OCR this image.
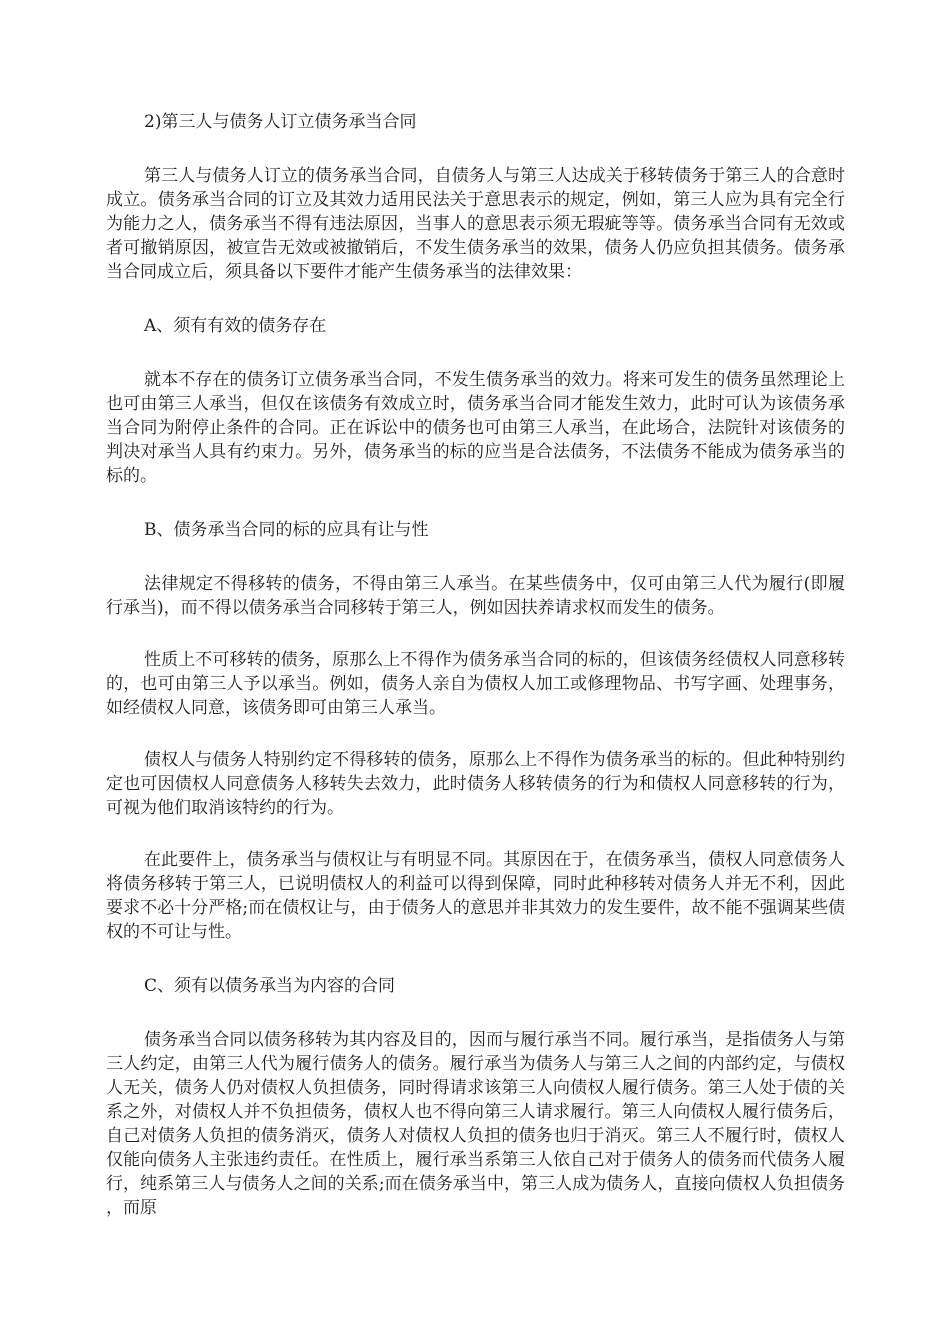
2)第三人与债务人订立债务承当合同

第三人与债务人订立的债务承当合同，自债务人与第三人达成关于移转债务于第三人的合意时成立。债务承当合同的订立及其效力适用民法关于意思表示的规定，例如，第三人应为具有完全行为能力之人，债务承当不得有违法原因，当事人的意思表示须无瑕疵等等。债务承当合同有无效或者可撤销原因，被宣告无效或被撤销后，不发生债务承当的效果，债务人仍应负担其债务。债务承当合同成立后，须具备以下要件才能产生债务承当的法律效果：

A、须有有效的债务存在

就本不存在的债务订立债务承当合同，不发生债务承当的效力。将来可发生的债务虽然理论上也可由第三人承当，但仅在该债务有效成立时，债务承当合同才能发生效力，此时可认为该债务承当合同为附停止条件的合同。正在诉讼中的债务也可由第三人承当，在此场合，法院针对该债务的判决对承当人具有约束力。另外，债务承当的标的应当是合法债务，不法债务不能成为债务承当的标的。

B、债务承当合同的标的应具有让与性

法律规定不得移转的债务，不得由第三人承当。在某些债务中，仅可由第三人代为履行(即履行承当)，而不得以债务承当合同移转于第三人，例如因扶养请求权而发生的债务。

性质上不可移转的债务，原那么上不得作为债务承当合同的标的，但该债务经债权人同意移转的，也可由第三人予以承当。例如，债务人亲自为债权人加工或修理物品、书写字画、处理事务，如经债权人同意，该债务即可由第三人承当。

债权人与债务人特别约定不得移转的债务，原那么上不得作为债务承当的标的。但此种特别约定也可因债权人同意债务人移转失去效力，此时债务人移转债务的行为和债权人同意移转的行为，可视为他们取消该特约的行为。

在此要件上，债务承当与债权让与有明显不同。其原因在于，在债务承当，债权人同意债务人将债务移转于第三人，已说明债权人的利益可以得到保障，同时此种移转对债务人并无不利，因此要求不必十分严格;而在债权让与，由于债务人的意思并非其效力的发生要件，故不能不强调某些债权的不可让与性。

C、须有以债务承当为内容的合同

债务承当合同以债务移转为其内容及目的，因而与履行承当不同。履行承当，是指债务人与第三人约定，由第三人代为履行债务人的债务。履行承当为债务人与第三人之间的内部约定，与债权人无关，债务人仍对债权人负担债务，同时得请求该第三人向债权人履行债务。第三人处于债的关系之外，对债权人并不负担债务，债权人也不得向第三人请求履行。第三人向债权人履行债务后，自己对债务人负担的债务消灭，债务人对债权人负担的债务也归于消灭。第三人不履行时，债权人仅能向债务人主张违约责任。在性质上，履行承当系第三人依自己对于债务人的债务而代债务人履行，纯系第三人与债务人之间的关系;而在债务承当中，第三人成为债务人，直接向债权人负担债务，而原
